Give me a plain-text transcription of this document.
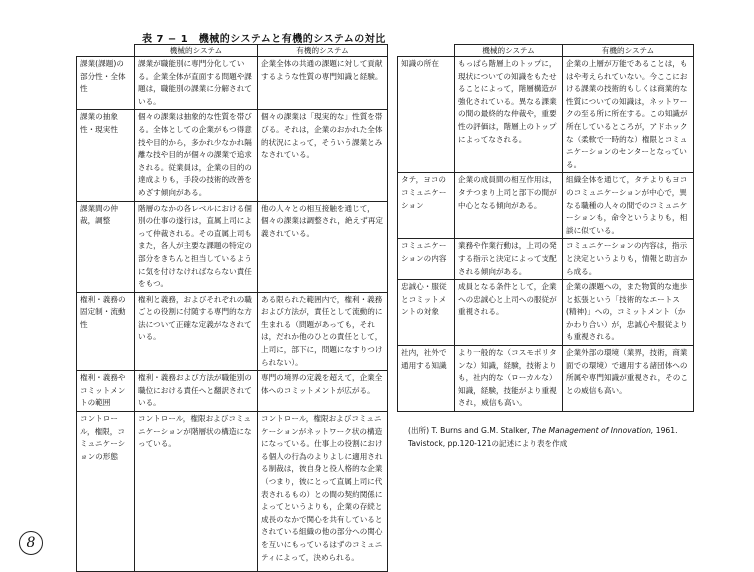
表 7 − 1　機械的システムと有機的システムの対比
	機械的システム	有機的システム
課業(課題)の部分性・全体性	課業が職能別に専門分化している。企業全体が直面する問題や課題は，職能別の課業に分解されている。	企業全体の共通の課題に対して貢献するような性質の専門知識と経験。
課業の抽象性・現実性	個々の課業は抽象的な性質を帯びる。全体としての企業がもつ得意技や目的から，多かれ少なかれ隔離な技や目的が個々の課業で追求される。従業員は，企業の目的の達成よりも，手段の技術的改善をめざす傾向がある。	個々の課業は「現実的な」性質を帯びる。それは，企業のおかれた全体的状況によって，そういう課業とみなされている。
課業間の仲裁，調整	階層のなかの各レベルにおける個別の仕事の遂行は，直属上司によって仲裁される。その直属上司もまた，各人が主要な課題の特定の部分をきちんと担当しているように気を付けなければならない責任をもつ。	他の人々との相互接触を通じて，個々の課業は調整され，絶えず再定義されている。
権利・義務の固定制・流動性	権利と義務，およびそれぞれの職ごとの役割に付随する専門的な方法について正確な定義がなされている。	ある限られた範囲内で，権利・義務および方法が，責任として流動的に生まれる（問題があっても，それは，だれか他のひとの責任として，上司に，部下に，問題になすりつけられない）。
権利・義務やコミットメントの範囲	権利・義務および方法が職能別の職位における責任へと翻訳されている。	専門の境界の定義を超えて，企業全体へのコミットメントが広がる。
コントロール，権限，コミュニケーションの形態	コントロール，権限およびコミュニケーションが階層状の構造になっている。	コントロール，権限およびコミュニケーションがネットワーク状の構造になっている。仕事上の役割における個人の行為のよりよしに適用される制裁は，彼自身と役人格的な企業（つまり，彼にとって直属上司に代表されるもの）との間の契約関係によってというよりも，企業の存続と成長のなかで関心を共有しているとされている組織の他の部分への関心を互いにもっているはずのコミュニティによって，決められる。
	機械的システム	有機的システム
知識の所在	もっぱら階層上のトップに，現状についての知識をもたせることによって，階層構造が強化されている。異なる課業の間の最終的な仲裁や，重要性の評価は，階層上のトップによってなされる。	企業の上層が万能であることは，もはや考えられていない。今ここにおける課業の技術的もしくは商業的な性質についての知識は，ネットワークの至る所に所在する。この知識が所在しているところが，アドホックな（柔軟で一時的な）権限とコミュニケーションのセンターとなっている。
タテ，ヨコのコミュニケーション	企業の成員間の相互作用は，タテつまり上司と部下の間が中心となる傾向がある。	組織全体を通じて，タテよりもヨコのコミュニケーションが中心で，異なる職種の人々の間でのコミュニケーションも，命令というよりも，相談に似ている。
コミュニケーションの内容	業務や作業行動は，上司の発する指示と決定によって支配される傾向がある。	コミュニケーションの内容は，指示と決定というよりも，情報と助言から成る。
忠誠心・服従とコミットメントの対象	成員となる条件として，企業への忠誠心と上司への服従が重視される。	企業の課題への，また物質的な進歩と拡張という「技術的なエートス(精神)」への，コミットメント（かかわり合い）が，忠誠心や服従よりも重視される。
社内，社外で通用する知識	より一般的な（コスモポリタンな）知識，経験，技術よりも，社内的な（ローカルな）知識，経験，技能がより重視され，威信も高い。	企業外部の環境（業界，技術，商業面での環境）で適用する諸団体への所属や専門知識が重視され，そのことの威信も高い。
(出所) T. Burns and G.M. Stalker, The Management of Innovation, 1961. Tavistock, pp.120-121の記述により表を作成
8
